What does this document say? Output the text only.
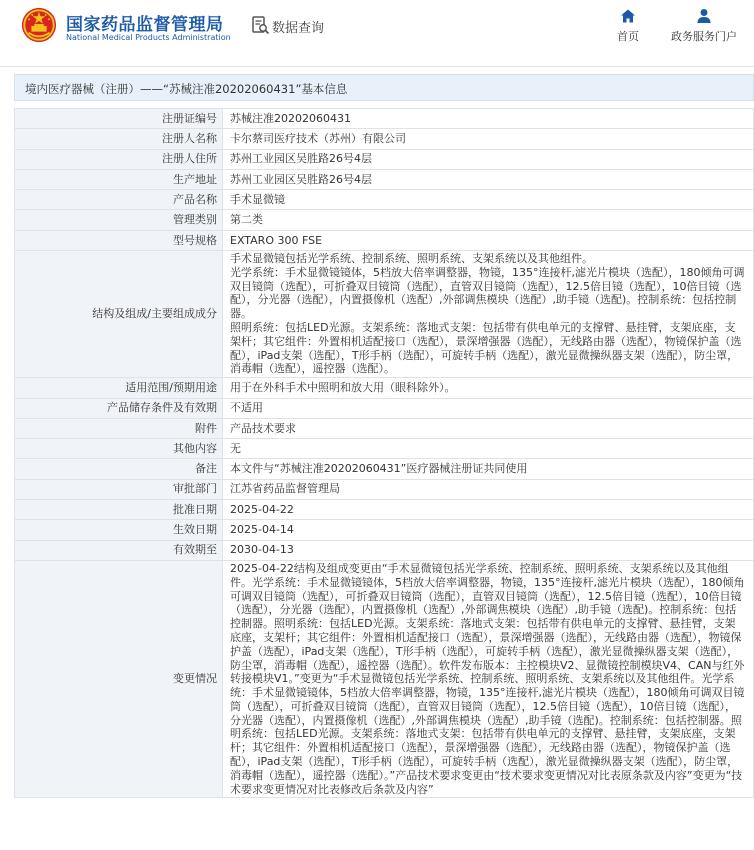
国家药品监督管理局
National Medical Products Administration
数据查询
首页	政务服务门户
境内医疗器械（注册）——“苏械注准20202060431”基本信息
注册证编号	苏械注准20202060431
注册人名称	卡尔蔡司医疗技术（苏州）有限公司
注册人住所	苏州工业园区吴胜路26号4层
生产地址	苏州工业园区吴胜路26号4层
产品名称	手术显微镜
管理类别	第二类
型号规格	EXTARO 300 FSE
结构及组成/主要组成成分	手术显微镜包括光学系统、控制系统、照明系统、支架系统以及其他组件。
光学系统：手术显微镜镜体，5档放大倍率调整器，物镜，135°连接杆,滤光片模块（选配），180倾角可调双目镜筒（选配），可折叠双目镜筒（选配），直管双目镜筒（选配），12.5倍目镜（选配），10倍目镜（选配），分光器（选配），内置摄像机（选配）,外部调焦模块（选配）,助手镜（选配)。控制系统：包括控制器。
照明系统：包括LED光源。支架系统：落地式支架：包括带有供电单元的支撑臂、悬挂臂，支架底座，支架杆；其它组件：外置相机适配接口（选配），景深增强器（选配），无线路由器（选配），物镜保护盖（选配），iPad支架（选配），T形手柄（选配），可旋转手柄（选配），激光显微操纵器支架（选配），防尘罩，消毒帽（选配），遥控器（选配）。

适用范围/预期用途	用于在外科手术中照明和放大用（眼科除外）。
产品储存条件及有效期	不适用
附件	产品技术要求
其他内容	无
备注	本文件与“苏械注准20202060431”医疗器械注册证共同使用
审批部门	江苏省药品监督管理局
批准日期	2025-04-22
生效日期	2025-04-14
有效期至	2030-04-13
变更情况	2025-04-22结构及组成变更由“手术显微镜包括光学系统、控制系统、照明系统、支架系统以及其他组件。光学系统：手术显微镜镜体，5档放大倍率调整器，物镜，135°连接杆,滤光片模块（选配），180倾角可调双目镜筒（选配），可折叠双目镜筒（选配），直管双目镜筒（选配），12.5倍目镜（选配），10倍目镜（选配），分光器（选配），内置摄像机（选配）,外部调焦模块（选配）,助手镜（选配)。控制系统：包括控制器。照明系统：包括LED光源。支架系统：落地式支架：包括带有供电单元的支撑臂、悬挂臂，支架底座，支架杆；其它组件：外置相机适配接口（选配），景深增强器（选配），无线路由器（选配），物镜保护盖（选配），iPad支架（选配），T形手柄（选配），可旋转手柄（选配），激光显微操纵器支架（选配），防尘罩，消毒帽（选配），遥控器（选配）。软件发布版本：主控模块V2、显微镜控制模块V4、CAN与红外转接模块V1。”变更为“手术显微镜包括光学系统、控制系统、照明系统、支架系统以及其他组件。光学系统：手术显微镜镜体，5档放大倍率调整器，物镜，135°连接杆,滤光片模块（选配），180倾角可调双目镜筒（选配），可折叠双目镜筒（选配），直管双目镜筒（选配），12.5倍目镜（选配），10倍目镜（选配），分光器（选配），内置摄像机（选配）,外部调焦模块（选配）,助手镜（选配)。控制系统：包括控制器。照明系统：包括LED光源。支架系统：落地式支架：包括带有供电单元的支撑臂、悬挂臂，支架底座，支架杆；其它组件：外置相机适配接口（选配），景深增强器（选配），无线路由器（选配），物镜保护盖（选配），iPad支架（选配），T形手柄（选配），可旋转手柄（选配），激光显微操纵器支架（选配），防尘罩，消毒帽（选配），遥控器（选配）。”产品技术要求变更由“技术要求变更情况对比表原条款及内容”变更为“技术要求变更情况对比表修改后条款及内容”
